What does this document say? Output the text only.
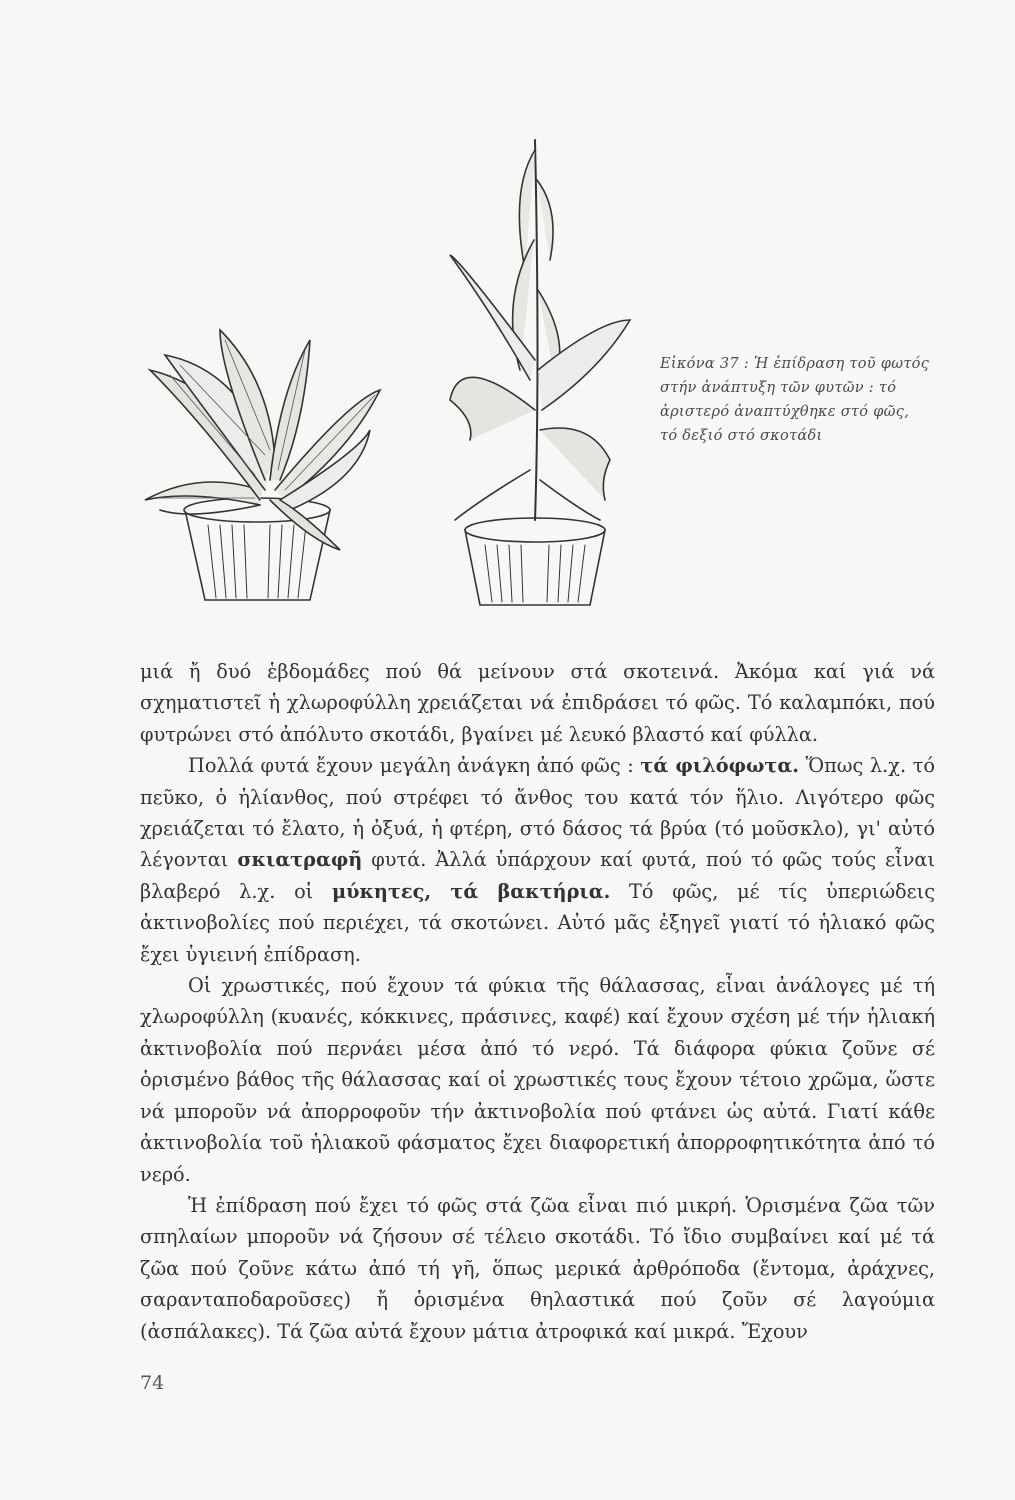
Εἰκόνα 37 : Ἡ ἐπίδραση τοῦ φωτός στήν ἀνάπτυξη τῶν φυτῶν : τό ἀριστερό ἀναπτύχθηκε στό φῶς, τό δεξιό στό σκοτάδι

μιά ἤ δυό ἑβδομάδες πού θά μείνουν στά σκοτεινά. Ἀκόμα καί γιά νά σχηματιστεῖ ἡ χλωροφύλλη χρειάζεται νά ἐπιδράσει τό φῶς. Τό καλαμπόκι, πού φυτρώνει στό ἀπόλυτο σκοτάδι, βγαίνει μέ λευκό βλαστό καί φύλλα.

Πολλά φυτά ἔχουν μεγάλη ἀνάγκη ἀπό φῶς : τά φιλόφωτα. Ὅπως λ.χ. τό πεῦκο, ὁ ἡλίανθος, πού στρέφει τό ἄνθος του κατά τόν ἥλιο. Λιγότερο φῶς χρειάζεται τό ἔλατο, ἡ ὀξυά, ἡ φτέρη, στό δάσος τά βρύα (τό μοῦσκλο), γι' αὐτό λέγονται σκιατραφῆ φυτά. Ἀλλά ὑπάρχουν καί φυτά, πού τό φῶς τούς εἶναι βλαβερό λ.χ. οἱ μύκητες, τά βακτήρια. Τό φῶς, μέ τίς ὑπεριώδεις ἀκτινοβολίες πού περιέχει, τά σκοτώνει. Αὐτό μᾶς ἐξηγεῖ γιατί τό ἡλιακό φῶς ἔχει ὑγιεινή ἐπίδραση.

Οἱ χρωστικές, πού ἔχουν τά φύκια τῆς θάλασσας, εἶναι ἀνάλογες μέ τή χλωροφύλλη (κυανές, κόκκινες, πράσινες, καφέ) καί ἔχουν σχέση μέ τήν ἡλιακή ἀκτινοβολία πού περνάει μέσα ἀπό τό νερό. Τά διάφορα φύκια ζοῦνε σέ ὁρισμένο βάθος τῆς θάλασσας καί οἱ χρωστικές τους ἔχουν τέτοιο χρῶμα, ὥστε νά μποροῦν νά ἀπορροφοῦν τήν ἀκτινοβολία πού φτάνει ὡς αὐτά. Γιατί κάθε ἀκτινοβολία τοῦ ἡλιακοῦ φάσματος ἔχει διαφορετική ἀπορροφητικότητα ἀπό τό νερό.

Ἡ ἐπίδραση πού ἔχει τό φῶς στά ζῶα εἶναι πιό μικρή. Ὁρισμένα ζῶα τῶν σπηλαίων μποροῦν νά ζήσουν σέ τέλειο σκοτάδι. Τό ἴδιο συμβαίνει καί μέ τά ζῶα πού ζοῦνε κάτω ἀπό τή γῆ, ὅπως μερικά ἀρθρόποδα (ἔντομα, ἀράχνες, σαρανταποδαροῦσες) ἤ ὁρισμένα θηλαστικά πού ζοῦν σέ λαγούμια (ἀσπάλακες). Τά ζῶα αὐτά ἔχουν μάτια ἀτροφικά καί μικρά. Ἔχουν

74
